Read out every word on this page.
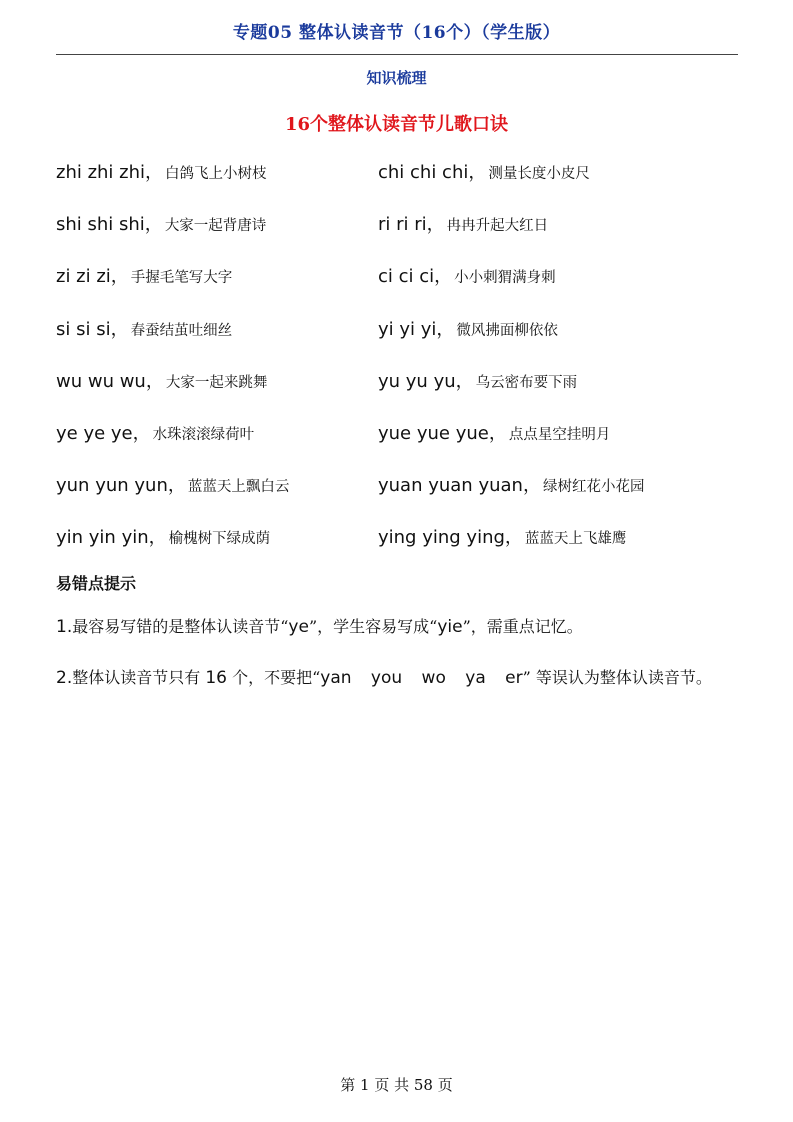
专题05 整体认读音节（16个）（学生版）
知识梳理
16个整体认读音节儿歌口诀
zhi zhi zhi， 白鸽飞上小树枝	chi chi chi， 测量长度小皮尺
shi shi shi， 大家一起背唐诗	ri ri ri， 冉冉升起大红日
zi zi zi， 手握毛笔写大字	ci ci ci， 小小刺猬满身刺
si si si， 春蚕结茧吐细丝	yi yi yi， 微风拂面柳依依
wu wu wu， 大家一起来跳舞	yu yu yu， 乌云密布要下雨
ye ye ye， 水珠滚滚绿荷叶	yue yue yue， 点点星空挂明月
yun yun yun， 蓝蓝天上飘白云	yuan yuan yuan， 绿树红花小花园
yin yin yin， 榆槐树下绿成荫	ying ying ying， 蓝蓝天上飞雄鹰
易错点提示
1.最容易写错的是整体认读音节“ye”，学生容易写成“yie”，需重点记忆。
2.整体认读音节只有 16 个，不要把“yan you wo ya er” 等误认为整体认读音节。
第 1 页 共 58 页
